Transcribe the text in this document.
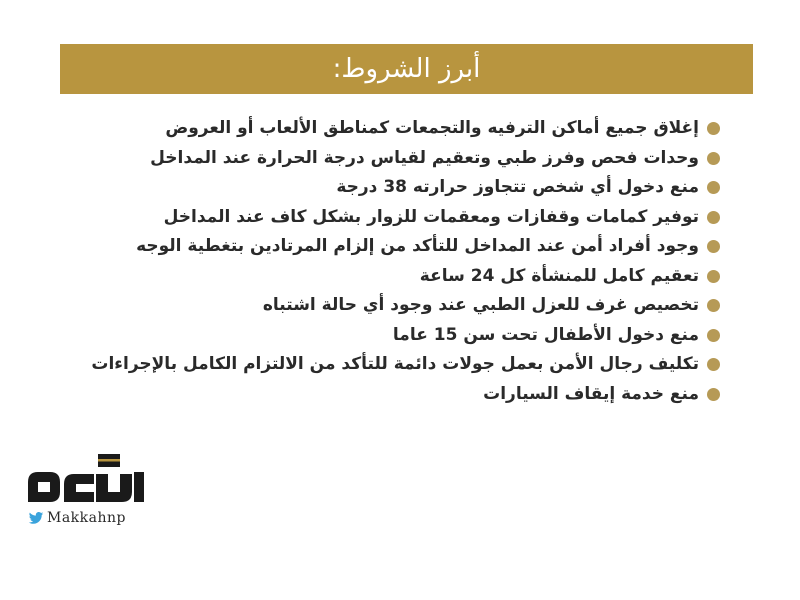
أبرز الشروط:
إغلاق جميع أماكن الترفيه والتجمعات كمناطق الألعاب أو العروض
وحدات فحص وفرز طبي وتعقيم لقياس درجة الحرارة عند المداخل
منع دخول أي شخص تتجاوز حرارته 38 درجة
توفير كمامات وقفازات ومعقمات للزوار بشكل كاف عند المداخل
وجود أفراد أمن عند المداخل للتأكد من إلزام المرتادين بتغطية الوجه
تعقيم كامل للمنشأة كل 24 ساعة
تخصيص غرف للعزل الطبي عند وجود أي حالة اشتباه
منع دخول الأطفال تحت سن 15 عاما
تكليف رجال الأمن بعمل جولات دائمة للتأكد من الالتزام الكامل بالإجراءات
منع خدمة إيقاف السيارات
Makkahnp
